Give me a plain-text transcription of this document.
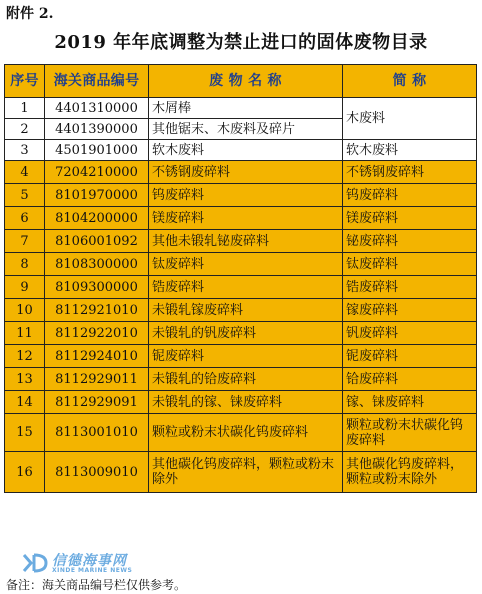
附件 2.
2019 年年底调整为禁止进口的固体废物目录
序号	海关商品编号	废 物 名 称	简 称
1	4401310000	木屑棒	木废料
2	4401390000	其他锯末、木废料及碎片	
3	4501901000	软木废料	软木废料
4	7204210000	不锈钢废碎料	不锈钢废碎料
5	8101970000	钨废碎料	钨废碎料
6	8104200000	镁废碎料	镁废碎料
7	8106001092	其他未锻轧铋废碎料	铋废碎料
8	8108300000	钛废碎料	钛废碎料
9	8109300000	锆废碎料	锆废碎料
10	8112921010	未锻轧镓废碎料	镓废碎料
11	8112922010	未锻轧的钒废碎料	钒废碎料
12	8112924010	铌废碎料	铌废碎料
13	8112929011	未锻轧的铪废碎料	铪废碎料
14	8112929091	未锻轧的镓、铼废碎料	镓、铼废碎料
15	8113001010	颗粒或粉末状碳化钨废碎料	颗粒或粉末状碳化钨废碎料
16	8113009010	其他碳化钨废碎料，颗粒或粉末除外	其他碳化钨废碎料，颗粒或粉末除外
信德海事网
XINDE MARINE NEWS
备注：海关商品编号栏仅供参考。
